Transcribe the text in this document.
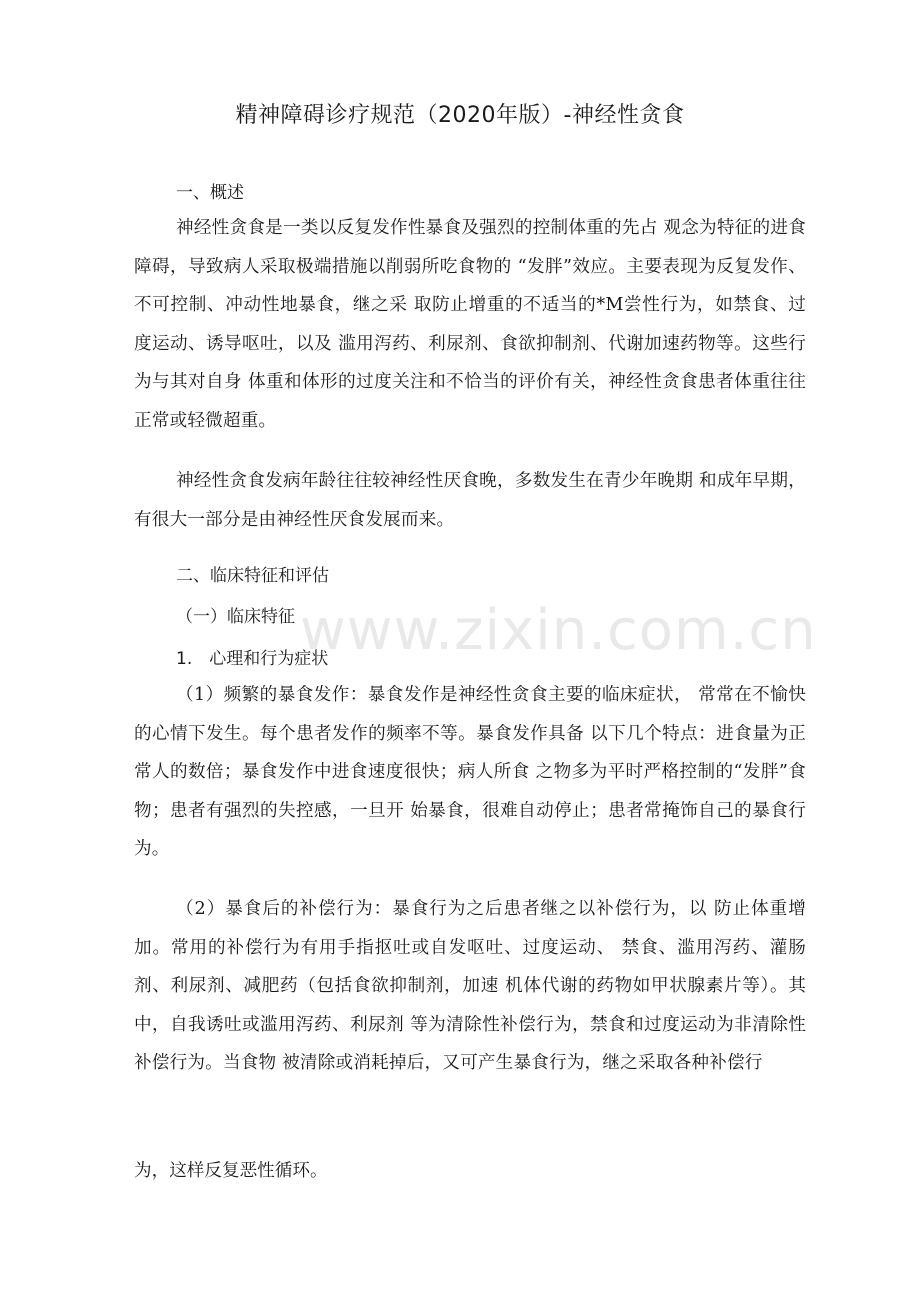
精神障碍诊疗规范（2020年版）-神经性贪食
一、概述
神经性贪食是一类以反复发作性暴食及强烈的控制体重的先占 观念为特征的进食障碍，导致病人采取极端措施以削弱所吃食物的 “发胖”效应。主要表现为反复发作、不可控制、冲动性地暴食，继之采 取防止增重的不适当的*M尝性行为，如禁食、过度运动、诱导呕吐，以及 滥用泻药、利尿剂、食欲抑制剂、代谢加速药物等。这些行为与其对自身 体重和体形的过度关注和不恰当的评价有关，神经性贪食患者体重往往 正常或轻微超重。
神经性贪食发病年龄往往较神经性厌食晚，多数发生在青少年晚期 和成年早期，有很大一部分是由神经性厌食发展而来。
二、临床特征和评估
（一）临床特征
1.　心理和行为症状
（1）频繁的暴食发作：暴食发作是神经性贪食主要的临床症状， 常常在不愉快的心情下发生。每个患者发作的频率不等。暴食发作具备 以下几个特点：进食量为正常人的数倍；暴食发作中进食速度很快；病人所食 之物多为平时严格控制的“发胖”食物；患者有强烈的失控感，一旦开 始暴食，很难自动停止；患者常掩饰自己的暴食行为。
（2）暴食后的补偿行为：暴食行为之后患者继之以补偿行为，以 防止体重增加。常用的补偿行为有用手指抠吐或自发呕吐、过度运动、 禁食、滥用泻药、灌肠剂、利尿剂、减肥药（包括食欲抑制剂，加速 机体代谢的药物如甲状腺素片等）。其中，自我诱吐或滥用泻药、利尿剂 等为清除性补偿行为，禁食和过度运动为非清除性补偿行为。当食物 被清除或消耗掉后，又可产生暴食行为，继之采取各种补偿行
为，这样反复恶性循环。
www.zixin.com.cn
